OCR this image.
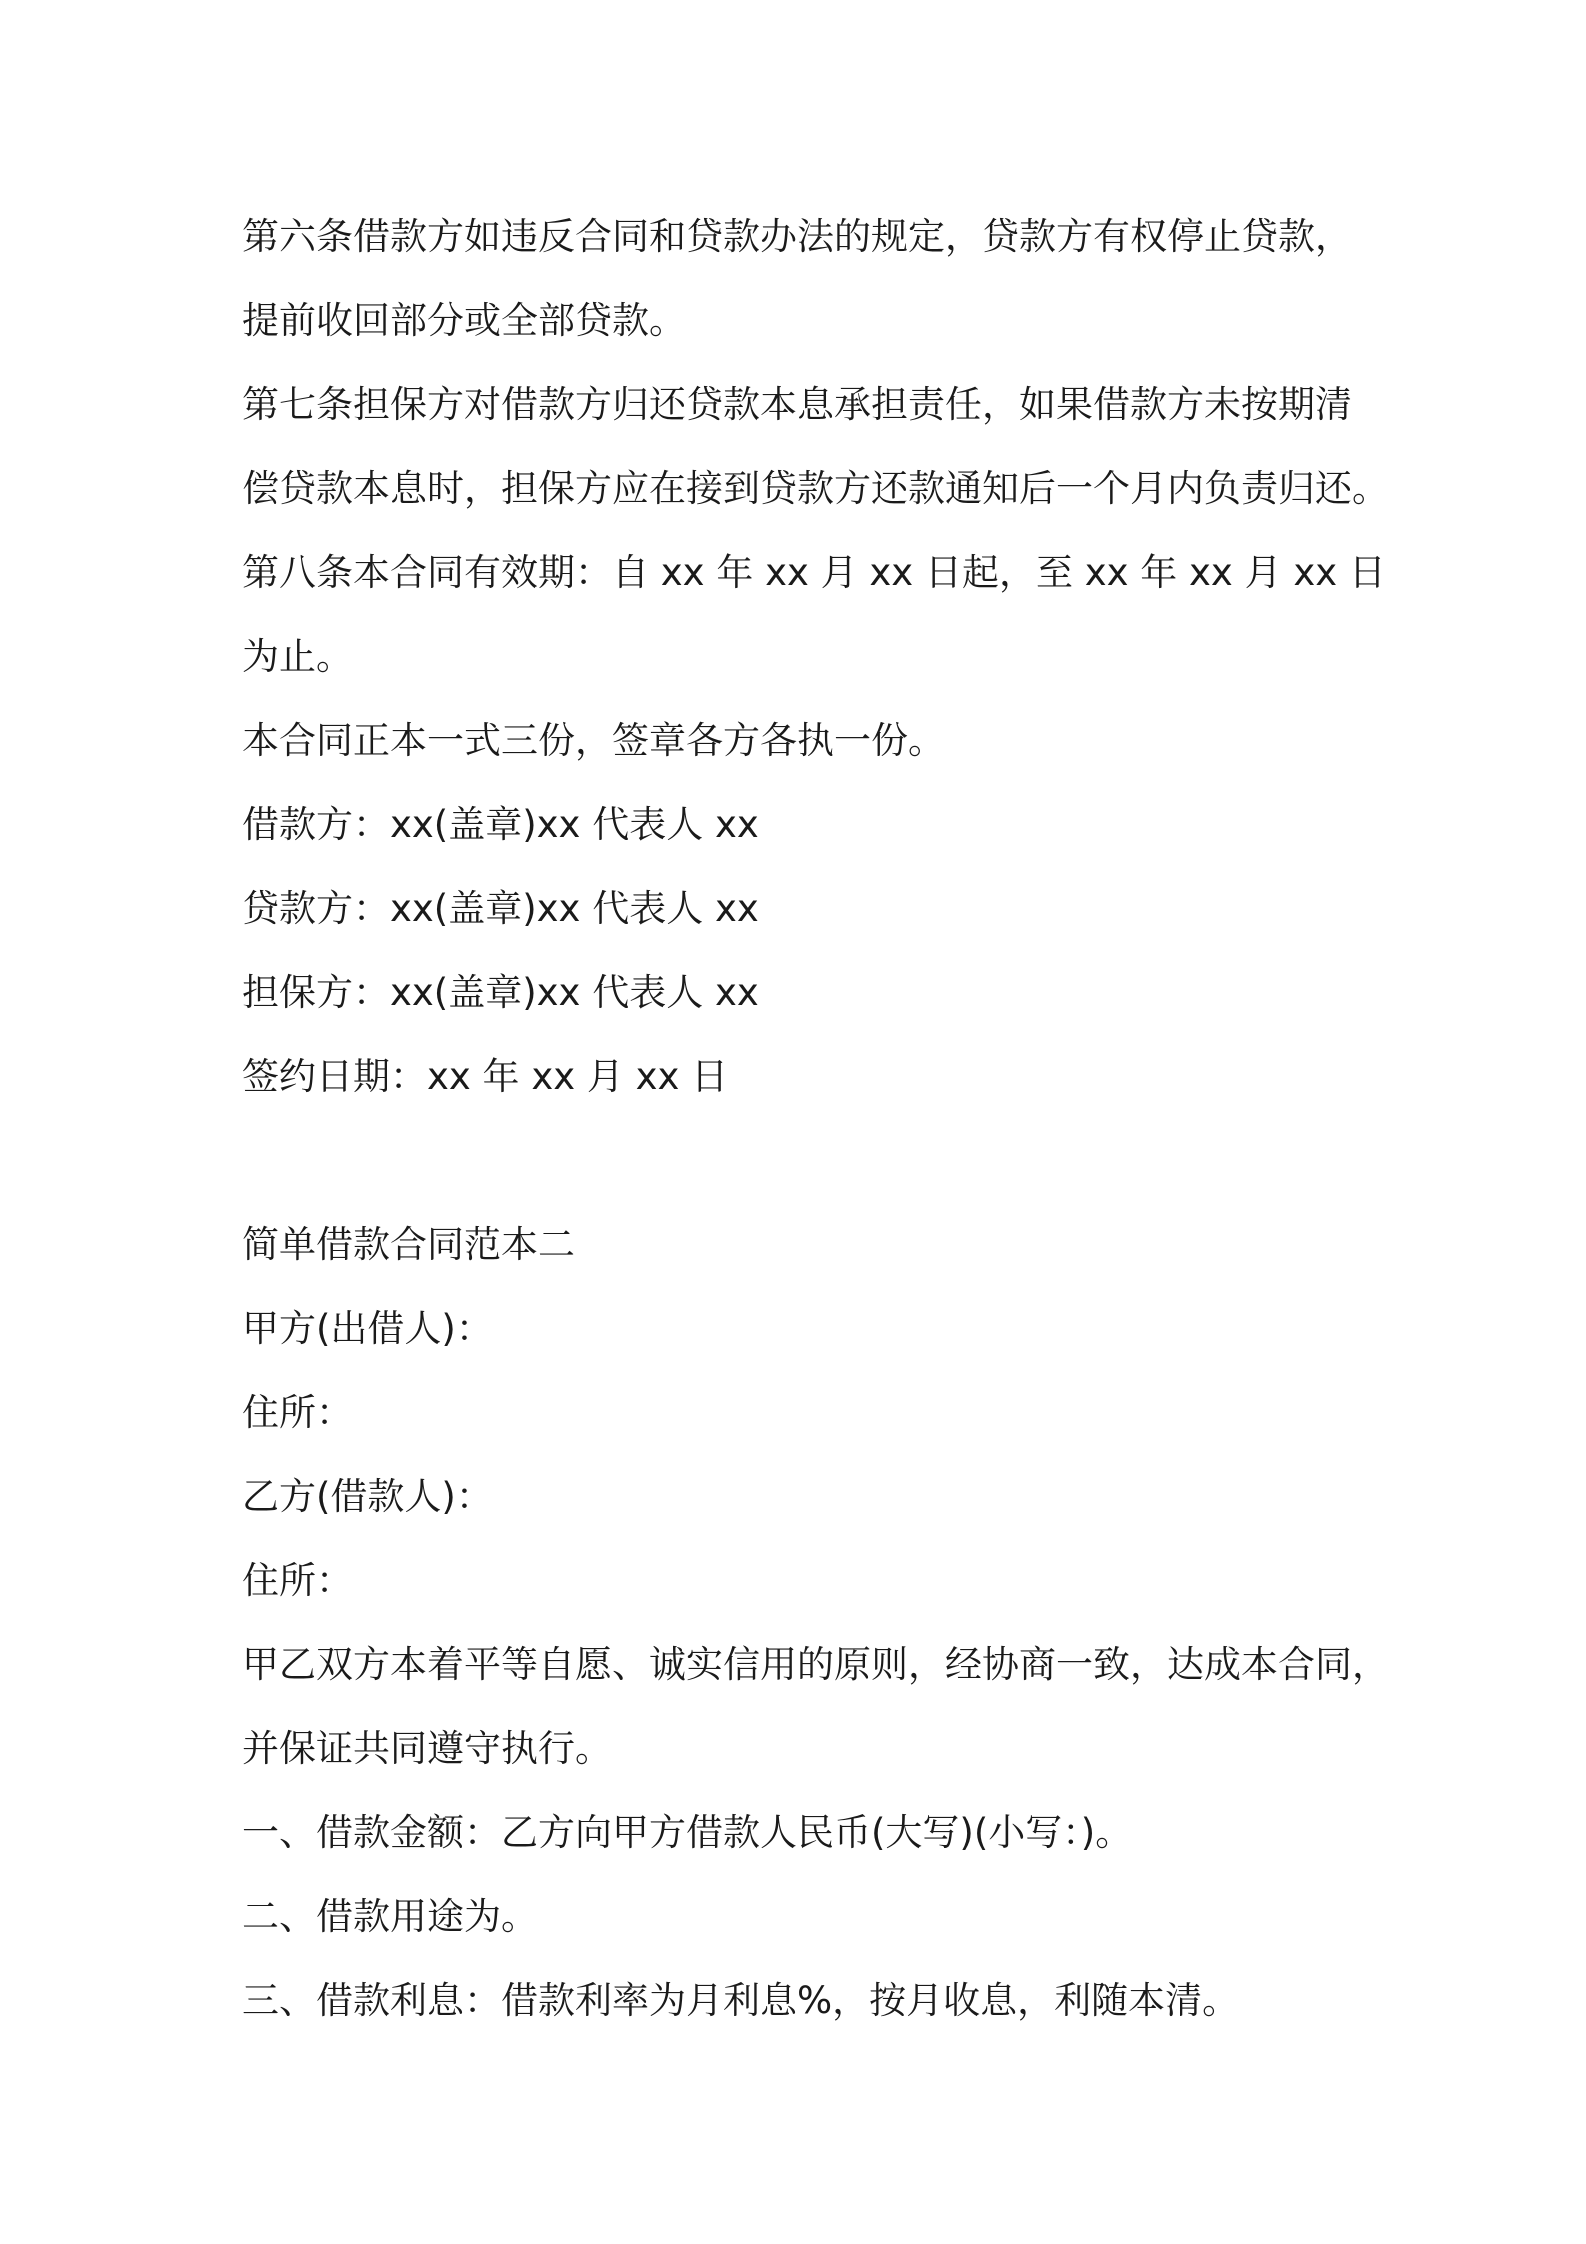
第六条借款方如违反合同和贷款办法的规定，贷款方有权停止贷款，
提前收回部分或全部贷款。
第七条担保方对借款方归还贷款本息承担责任，如果借款方未按期清
偿贷款本息时，担保方应在接到贷款方还款通知后一个月内负责归还。
第八条本合同有效期：自 xx 年 xx 月 xx 日起，至 xx 年 xx 月 xx 日
为止。
本合同正本一式三份，签章各方各执一份。
借款方：xx(盖章)xx 代表人 xx
贷款方：xx(盖章)xx 代表人 xx
担保方：xx(盖章)xx 代表人 xx
签约日期：xx 年 xx 月 xx 日
简单借款合同范本二
甲方(出借人)：
住所：
乙方(借款人)：
住所：
甲乙双方本着平等自愿、诚实信用的原则，经协商一致，达成本合同，
并保证共同遵守执行。
一、借款金额：乙方向甲方借款人民币(大写)(小写：)。
二、借款用途为。
三、借款利息：借款利率为月利息%，按月收息，利随本清。
